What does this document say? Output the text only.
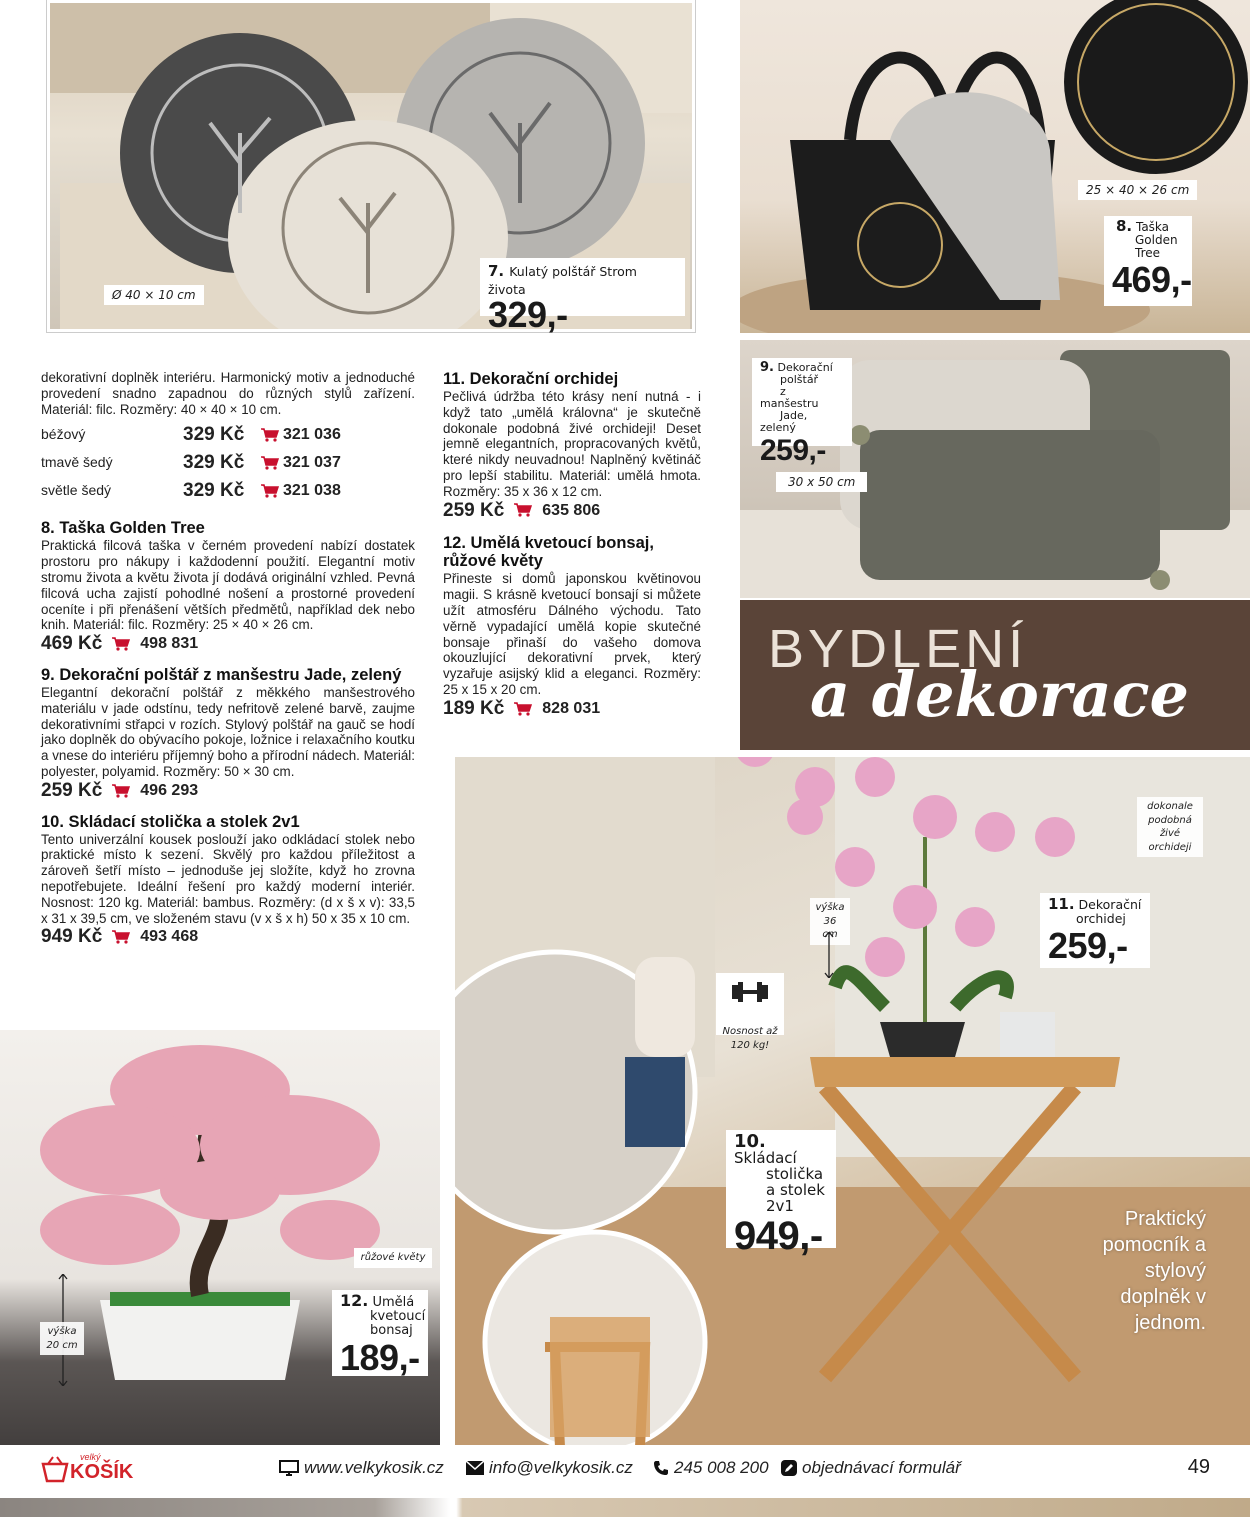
Ø 40 × 10 cm
7. Kulatý polštář Strom života
329,-
25 × 40 × 26 cm
8. Taška
Golden
Tree
469,-
9. Dekorační
polštář
z manšestru
Jade, zelený
259,-
30 x 50 cm
BYDLENÍ
a dekorace
dokonale podobná živé orchideji
výška 36 cm
11. Dekorační
orchidej
259,-
Nosnost až 120 kg!
10. Skládací
stolička
a stolek
2v1
949,-	Praktický pomocník a stylový doplněk v jednom.
růžové květy
výška 20 cm
12. Umělá
kvetoucí
bonsaj
189,-

dekorativní doplněk interiéru. Harmonický motiv a jednoduché provedení snadno zapadnou do různých stylů zařízení. Materiál: filc. Rozměry: 40 × 40 × 10 cm.

béžový	329 Kč	321 036
tmavě šedý	329 Kč	321 037
světle šedý	329 Kč	321 038
8. Taška Golden Tree

Praktická filcová taška v černém provedení nabízí dostatek prostoru pro nákupy i každodenní použití. Elegantní motiv stromu života a květu života jí dodává originální vzhled. Pevná filcová ucha zajistí pohodlné nošení a prostorné provedení oceníte i při přenášení větších předmětů, například dek nebo knih. Materiál: filc. Rozměry: 25 × 40 × 26 cm.

469 Kč 498 831
9. Dekorační polštář z manšestru Jade, zelený

Elegantní dekorační polštář z měkkého manšestrového materiálu v jade odstínu, tedy nefritově zelené barvě, zaujme dekorativními střapci v rozích. Stylový polštář na gauč se hodí jako doplněk do obývacího pokoje, ložnice i relaxačního koutku a vnese do interiéru příjemný boho a přírodní nádech. Materiál: polyester, polyamid. Rozměry: 50 × 30 cm.

259 Kč 496 293
10. Skládací stolička a stolek 2v1

Tento univerzální kousek poslouží jako odkládací stolek nebo praktické místo k sezení. Skvělý pro každou příležitost a zároveň šetří místo – jednoduše jej složíte, když ho zrovna nepotřebujete. Ideální řešení pro každý moderní interiér. Nosnost: 120 kg. Materiál: bambus. Rozměry: (d x š x v): 33,5 x 31 x 39,5 cm, ve složeném stavu (v x š x h) 50 x 35 x 10 cm.

949 Kč 493 468
11. Dekorační orchidej

Pečlivá údržba této krásy není nutná - i když tato „umělá královna“ je skutečně dokonale podobná živé orchideji! Deset jemně elegantních, propracovaných květů, které nikdy neuvadnou! Naplněný květináč pro lepší stabilitu. Materiál: umělá hmota. Rozměry: 35 x 36 x 12 cm.

259 Kč 635 806
12. Umělá kvetoucí bonsaj, růžové květy

Přineste si domů japonskou květinovou magii. S krásně kvetoucí bonsají si můžete užít atmosféru Dálného východu. Tato věrně vypadající umělá kopie skutečné bonsaje přinaší do vašeho domova okouzlující dekorativní prvek, který vyzařuje asijský klid a eleganci. Rozměry: 25 x 15 x 20 cm.

189 Kč 828 031
velký
KOŠÍK	www.velkykosik.cz	info@velkykosik.cz 245 008 200 objednávací formulář	49
